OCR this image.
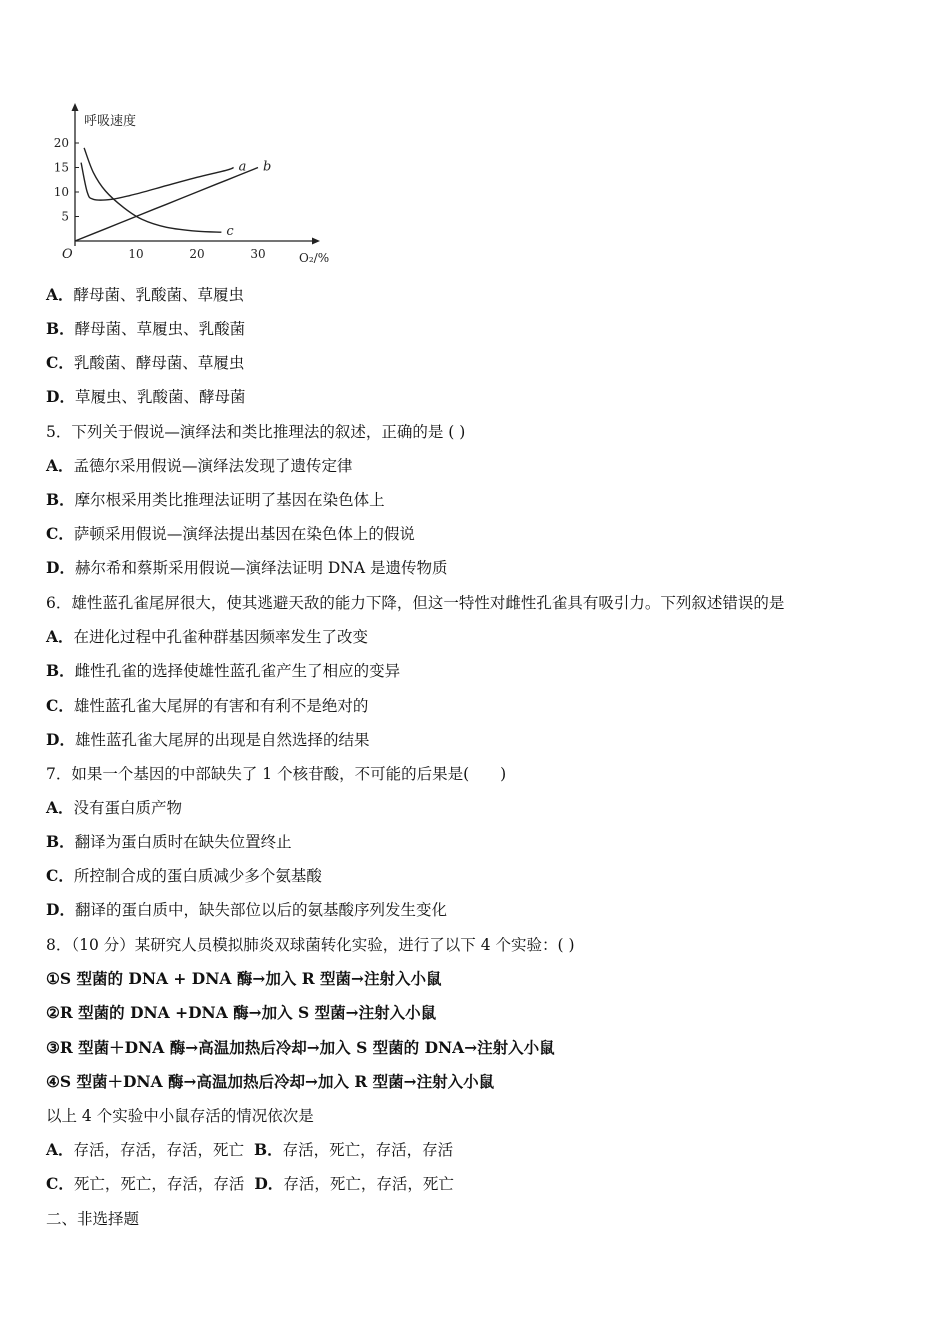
呼吸速度
O₂/%
O
5
10
15
20
10	20	30
a b
c
A．酵母菌、乳酸菌、草履虫
B．酵母菌、草履虫、乳酸菌
C．乳酸菌、酵母菌、草履虫
D．草履虫、乳酸菌、酵母菌
5．下列关于假说—演绎法和类比推理法的叙述，正确的是 ( )
A．孟德尔采用假说—演绎法发现了遗传定律
B．摩尔根采用类比推理法证明了基因在染色体上
C．萨顿采用假说—演绎法提出基因在染色体上的假说
D．赫尔希和蔡斯采用假说—演绎法证明 DNA 是遗传物质
6．雄性蓝孔雀尾屏很大，使其逃避天敌的能力下降，但这一特性对雌性孔雀具有吸引力。下列叙述错误的是
A．在进化过程中孔雀种群基因频率发生了改变
B．雌性孔雀的选择使雄性蓝孔雀产生了相应的变异
C．雄性蓝孔雀大尾屏的有害和有利不是绝对的
D．雄性蓝孔雀大尾屏的出现是自然选择的结果
7．如果一个基因的中部缺失了 1 个核苷酸，不可能的后果是(　　)
A．没有蛋白质产物
B．翻译为蛋白质时在缺失位置终止
C．所控制合成的蛋白质减少多个氨基酸
D．翻译的蛋白质中，缺失部位以后的氨基酸序列发生变化
8．（10 分）某研究人员模拟肺炎双球菌转化实验，进行了以下 4 个实验：( )
①S 型菌的 DNA + DNA 酶→加入 R 型菌→注射入小鼠
②R 型菌的 DNA +DNA 酶→加入 S 型菌→注射入小鼠
③R 型菌＋DNA 酶→高温加热后冷却→加入 S 型菌的 DNA→注射入小鼠
④S 型菌＋DNA 酶→高温加热后冷却→加入 R 型菌→注射入小鼠
以上 4 个实验中小鼠存活的情况依次是
A．存活，存活，存活，死亡 B．存活，死亡，存活，存活
C．死亡，死亡，存活，存活 D．存活，死亡，存活，死亡
二、非选择题
